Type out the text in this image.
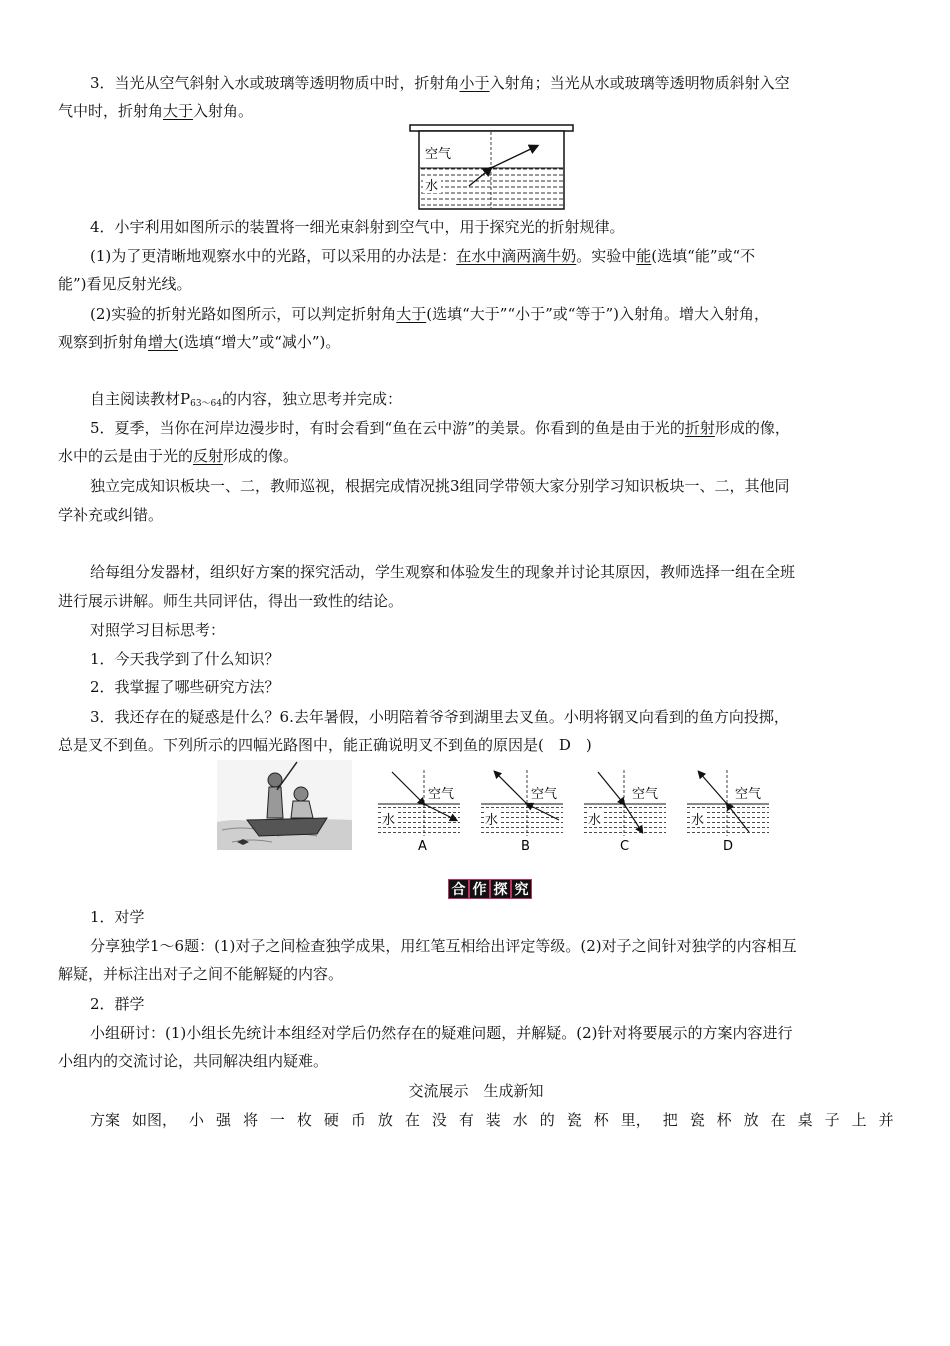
3．当光从空气斜射入水或玻璃等透明物质中时，折射角小于入射角；当光从水或玻璃等透明物质斜射入空
气中时，折射角大于入射角。
空气
水
4．小宇利用如图所示的装置将一细光束斜射到空气中，用于探究光的折射规律。
(1)为了更清晰地观察水中的光路，可以采用的办法是：在水中滴两滴牛奶。实验中能(选填“能”或“不
能”)看见反射光线。
(2)实验的折射光路如图所示，可以判定折射角大于(选填“大于”“小于”或“等于”)入射角。增大入射角，
观察到折射角增大(选填“增大”或“减小”)。
自主阅读教材$P_{63\sim 64}$的内容，独立思考并完成：
5．夏季，当你在河岸边漫步时，有时会看到“鱼在云中游”的美景。你看到的鱼是由于光的折射形成的像，
水中的云是由于光的反射形成的像。
独立完成知识板块一、二，教师巡视，根据完成情况挑3组同学带领大家分别学习知识板块一、二，其他同
学补充或纠错。
给每组分发器材，组织好方案的探究活动，学生观察和体验发生的现象并讨论其原因，教师选择一组在全班
进行展示讲解。师生共同评估，得出一致性的结论。
对照学习目标思考：
1．今天我学到了什么知识？
2．我掌握了哪些研究方法？
3．我还存在的疑惑是什么？6.去年暑假，小明陪着爷爷到湖里去叉鱼。小明将钢叉向看到的鱼方向投掷，
总是叉不到鱼。下列所示的四幅光路图中，能正确说明叉不到鱼的原因是(　D　)
空气
水
A
空气
水
B
空气
水
C
空气
水
D
合 作 探 究
1．对学
分享独学1～6题：(1)对子之间检查独学成果，用红笔互相给出评定等级。(2)对子之间针对独学的内容相互
解疑，并标注出对子之间不能解疑的内容。
2．群学
小组研讨：(1)小组长先统计本组经对学后仍然存在的疑难问题，并解疑。(2)针对将要展示的方案内容进行
小组内的交流讨论，共同解决组内疑难。
交流展示　生成新知
方案 如图， 小 强 将 一 枚 硬 币 放 在 没 有 装 水 的 瓷 杯 里， 把 瓷 杯 放 在 桌 子 上 并
